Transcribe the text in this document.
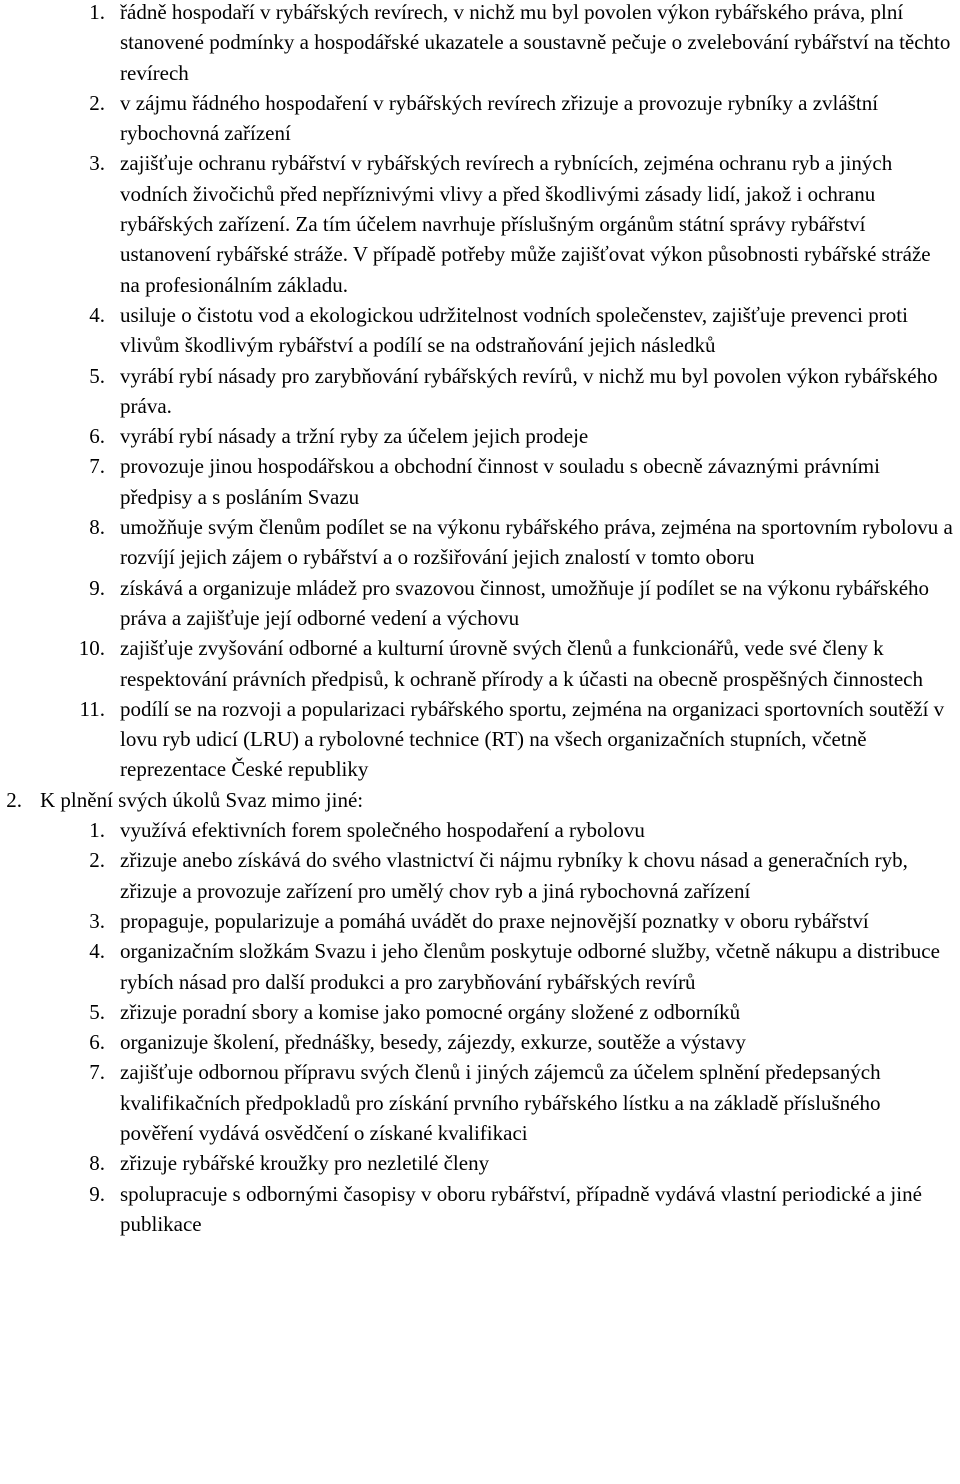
1. řádně hospodaří v rybářských revírech, v nichž mu byl povolen výkon rybářského práva, plní stanovené podmínky a hospodářské ukazatele a soustavně pečuje o zvelebování rybářství na těchto revírech
2. v zájmu řádného hospodaření v rybářských revírech zřizuje a provozuje rybníky a zvláštní rybochovná zařízení
3. zajišťuje ochranu rybářství v rybářských revírech a rybnících, zejména ochranu ryb a jiných vodních živočichů před nepříznivými vlivy a před škodlivými zásady lidí, jakož i ochranu rybářských zařízení. Za tím účelem navrhuje příslušným orgánům státní správy rybářství ustanovení rybářské stráže. V případě potřeby může zajišťovat výkon působnosti rybářské stráže na profesionálním základu.
4. usiluje o čistotu vod a ekologickou udržitelnost vodních společenstev, zajišťuje prevenci proti vlivům škodlivým rybářství a podílí se na odstraňování jejich následků
5. vyrábí rybí násady pro zarybňování rybářských revírů, v nichž mu byl povolen výkon rybářského práva.
6. vyrábí rybí násady a tržní ryby za účelem jejich prodeje
7. provozuje jinou hospodářskou a obchodní činnost v souladu s obecně závaznými právními předpisy a s posláním Svazu
8. umožňuje svým členům podílet se na výkonu rybářského práva, zejména na sportovním rybolovu a rozvíjí jejich zájem o rybářství a o rozšiřování jejich znalostí v tomto oboru
9. získává a organizuje mládež pro svazovou činnost, umožňuje jí podílet se na výkonu rybářského práva a zajišťuje její odborné vedení a výchovu
10. zajišťuje zvyšování odborné a kulturní úrovně svých členů a funkcionářů, vede své členy k respektování právních předpisů, k ochraně přírody a k účasti na obecně prospěšných činnostech
11. podílí se na rozvoji a popularizaci rybářského sportu, zejména na organizaci sportovních soutěží v lovu ryb udicí (LRU) a rybolovné technice (RT) na všech organizačních stupních, včetně reprezentace České republiky
2. K plnění svých úkolů Svaz mimo jiné:
1. využívá efektivních forem společného hospodaření a rybolovu
2. zřizuje anebo získává do svého vlastnictví či nájmu rybníky k chovu násad a generačních ryb, zřizuje a provozuje zařízení pro umělý chov ryb a jiná rybochovná zařízení
3. propaguje, popularizuje a pomáhá uvádět do praxe nejnovější poznatky v oboru rybářství
4. organizačním složkám Svazu i jeho členům poskytuje odborné služby, včetně nákupu a distribuce rybích násad pro další produkci a pro zarybňování rybářských revírů
5. zřizuje poradní sbory a komise jako pomocné orgány složené z odborníků
6. organizuje školení, přednášky, besedy, zájezdy, exkurze, soutěže a výstavy
7. zajišťuje odbornou přípravu svých členů i jiných zájemců za účelem splnění předepsaných kvalifikačních předpokladů pro získání prvního rybářského lístku a na základě příslušného pověření vydává osvědčení o získané kvalifikaci
8. zřizuje rybářské kroužky pro nezletilé členy
9. spolupracuje s odbornými časopisy v oboru rybářství, případně vydává vlastní periodické a jiné publikace
